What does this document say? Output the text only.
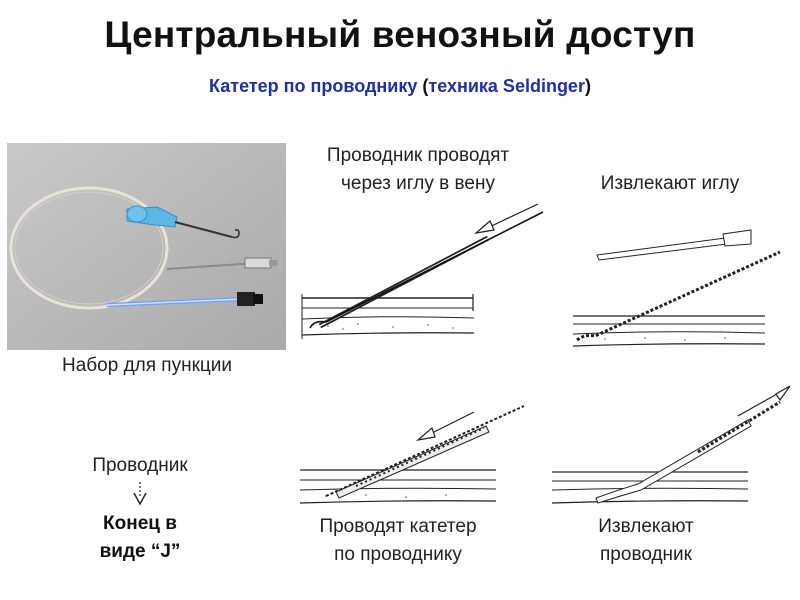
Центральный венозный доступ
Катетер по проводнику (техника Seldinger)
Набор для пункции
Проводник проводят
через иглу в вену	Извлекают иглу
Проводят катетер
по проводнику
Извлекают
проводник
Проводник
Конец в
виде “J”
